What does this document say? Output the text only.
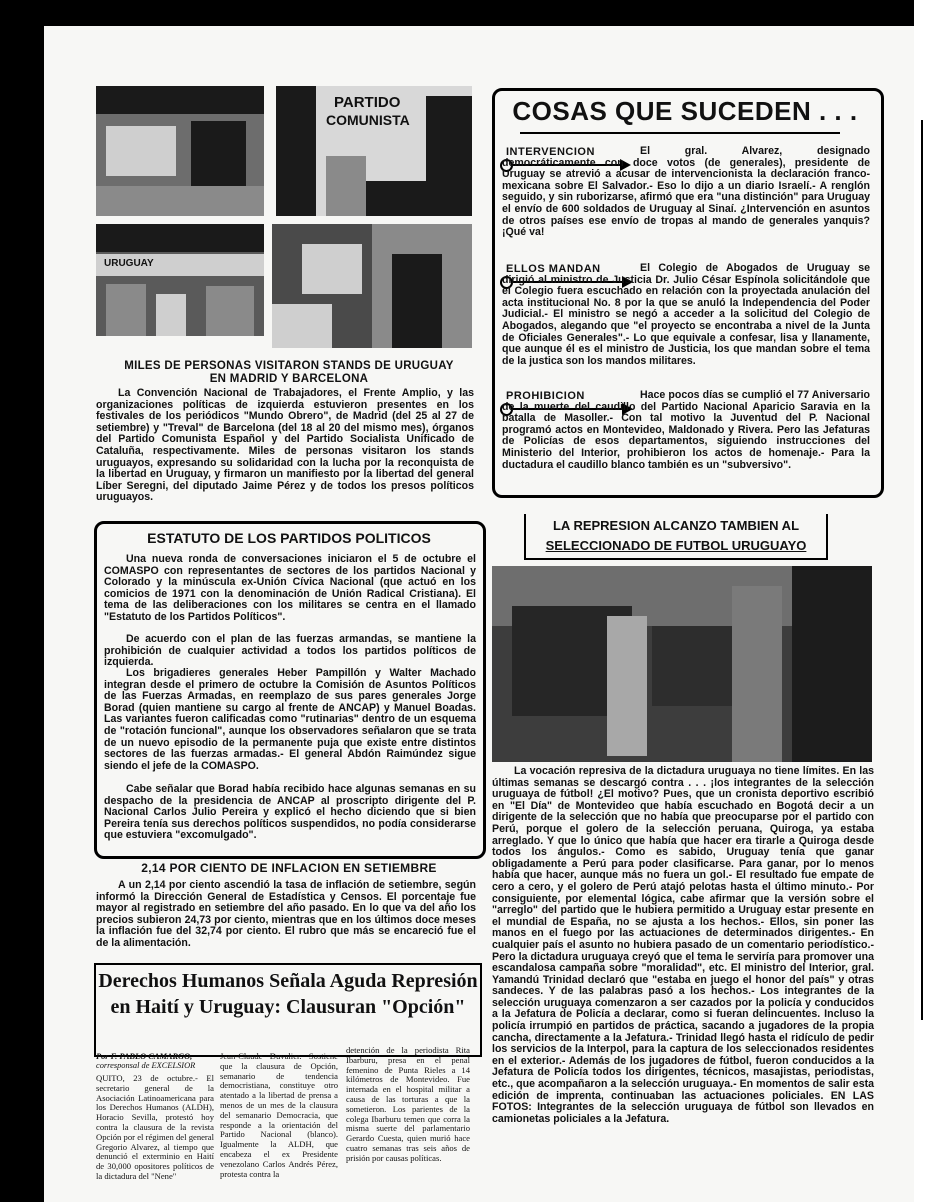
PARTIDO
COMUNISTA
URUGUAY
MILES DE PERSONAS VISITARON STANDS DE URUGUAY EN MADRID Y BARCELONA

La Convención Nacional de Trabajadores, el Frente Amplio, y las organizaciones políticas de izquierda estuvieron presentes en los festivales de los periódicos "Mundo Obrero", de Madrid (del 25 al 27 de setiembre) y "Treval" de Barcelona (del 18 al 20 del mismo mes), órganos del Partido Comunista Español y del Partido Socialista Unificado de Cataluña, respectivamente. Miles de personas visitaron los stands uruguayos, expresando su solidaridad con la lucha por la reconquista de la libertad en Uruguay, y firmaron un manifiesto por la libertad del general Líber Seregni, del diputado Jaime Pérez y de todos los presos políticos uruguayos.

ESTATUTO DE LOS PARTIDOS POLITICOS

Una nueva ronda de conversaciones iniciaron el 5 de octubre el COMASPO con representantes de sectores de los partidos Nacional y Colorado y la minúscula ex-Unión Cívica Nacional (que actuó en los comicios de 1971 con la denominación de Unión Radical Cristiana). El tema de las deliberaciones con los militares se centra en el llamado "Estatuto de los Partidos Políticos".

De acuerdo con el plan de las fuerzas armandas, se mantiene la prohibición de cualquier actividad a todos los partidos políticos de izquierda.

Los brigadieres generales Heber Pampillón y Walter Machado integran desde el primero de octubre la Comisión de Asuntos Políticos de las Fuerzas Armadas, en reemplazo de sus pares generales Jorge Borad (quien mantiene su cargo al frente de ANCAP) y Manuel Boadas. Las variantes fueron calificadas como "rutinarias" dentro de un esquema de "rotación funcional", aunque los observadores señalaron que se trata de un nuevo episodio de la permanente puja que existe entre distintos sectores de las fuerzas armadas.- El general Abdón Raimúndez sigue siendo el jefe de la COMASPO.

Cabe señalar que Borad había recibido hace algunas semanas en su despacho de la presidencia de ANCAP al proscripto dirigente del P. Nacional Carlos Julio Pereira y explicó el hecho diciendo que si bien Pereira tenía sus derechos políticos suspendidos, no podía considerarse que estuviera "excomulgado".

2,14 POR CIENTO DE INFLACION EN SETIEMBRE

A un 2,14 por ciento ascendió la tasa de inflación de setiembre, según informó la Dirección General de Estadística y Censos. El porcentaje fue mayor al registrado en setiembre del año pasado. En lo que va del año los precios subieron 24,73 por ciento, mientras que en los últimos doce meses la inflación fue del 32,74 por ciento. El rubro que más se encareció fue el de la alimentación.

Derechos Humanos Señala Aguda Represión
en Haití y Uruguay: Clausuran "Opción"
Por F. PABLO CAMARGO,
corresponsal de EXCELSIOR

QUITO, 23 de octubre.- El secretario general de la Asociación Latinoamericana para los Derechos Humanos (ALDH), Horacio Sevilla, protestó hoy contra la clausura de la revista Opción por el régimen del general Gregorio Alvarez, al tiempo que denunció el exterminio en Haití de 30,000 opositores políticos de la dictadura del "Nene"

Jean-Claude Duvalier. Sostiene que la clausura de Opción, semanario de tendencia democristiana, constituye otro atentado a la libertad de prensa a menos de un mes de la clausura del semanario Democracia, que responde a la orientación del Partido Nacional (blanco). Igualmente la ALDH, que encabeza el ex Presidente venezolano Carlos Andrés Pérez, protesta contra la

detención de la periodista Rita Ibarburu, presa en el penal femenino de Punta Rieles a 14 kilómetros de Montevideo. Fue internada en el hospital militar a causa de las torturas a que la sometieron. Los parientes de la colega Ibarburu temen que corra la misma suerte del parlamentario Gerardo Cuesta, quien murió hace cuatro semanas tras seis años de prisión por causas políticas.

COSAS QUE SUCEDEN . . .
INTERVENCION	El gral. Alvarez, designado democráticamente con doce votos (de generales), presidente de Uruguay se atrevió a acusar de intervencionista la declaración franco-mexicana sobre El Salvador.- Eso lo dijo a un diario Israelí.- A renglón seguido, y sin ruborizarse, afirmó que era "una distinción" para Uruguay el envío de 600 soldados de Uruguay al Sinaí. ¿Intervención en asuntos de otros países ese envío de tropas al mando de generales yanquis? ¡Qué va!

ELLOS MANDAN	El Colegio de Abogados de Uruguay se dirigió al ministro de Justicia Dr. Julio César Espínola solicitándole que el Colegio fuera escuchado en relación con la proyectada anulación del acta institucional No. 8 por la que se anuló la Independencia del Poder Judicial.- El ministro se negó a acceder a la solicitud del Colegio de Abogados, alegando que "el proyecto se encontraba a nivel de la Junta de Oficiales Generales".- Lo que equivale a confesar, lisa y llanamente, que aunque él es el ministro de Justicia, los que mandan sobre el tema de la justica son los mandos militares.

PROHIBICION	Hace pocos días se cumplió el 77 Aniversario de la muerte del caudillo del Partido Nacional Aparicio Saravia en la batalla de Masoller.- Con tal motivo la Juventud del P. Nacional programó actos en Montevideo, Maldonado y Rivera. Pero las Jefaturas de Policías de esos departamentos, siguiendo instrucciones del Ministerio del Interior, prohibieron los actos de homenaje.- Para la ductadura el caudillo blanco también es un "subversivo".

LA REPRESION ALCANZO TAMBIEN AL
SELECCIONADO DE FUTBOL URUGUAYO

La vocación represiva de la dictadura uruguaya no tiene límites. En las últimas semanas se descargó contra . . . ¡los integrantes de la selección uruguaya de fútbol! ¿El motivo? Pues, que un cronista deportivo escribió en "El Día" de Montevideo que había escuchado en Bogotá decir a un dirigente de la selección que no había que preocuparse por el partido con Perú, porque el golero de la selección peruana, Quiroga, ya estaba arreglado. Y que lo único que había que hacer era tirarle a Quiroga desde todos los ángulos.- Como es sabido, Uruguay tenía que ganar obligadamente a Perú para poder clasificarse. Para ganar, por lo menos había que hacer, aunque más no fuera un gol.- El resultado fue empate de cero a cero, y el golero de Perú atajó pelotas hasta el último minuto.- Por consiguiente, por elemental lógica, cabe afirmar que la versión sobre el "arreglo" del partido que le hubiera permitido a Uruguay estar presente en el mundial de España, no se ajusta a los hechos.- Ellos, sin poner las manos en el fuego por las actuaciones de determinados dirigentes.- En cualquier país el asunto no hubiera pasado de un comentario periodístico.- Pero la dictadura uruguaya creyó que el tema le serviría para promover una escandalosa campaña sobre "moralidad", etc. El ministro del Interior, gral. Yamandú Trinidad declaró que "estaba en juego el honor del país" y otras sandeces. Y de las palabras pasó a los hechos.- Los integrantes de la selección uruguaya comenzaron a ser cazados por la policía y conducidos a la Jefatura de Policía a declarar, como si fueran delincuentes. Incluso la policía irrumpió en partidos de práctica, sacando a jugadores de la propia cancha, directamente a la Jefatura.- Trinidad llegó hasta el ridículo de pedir los servicios de la Interpol, para la captura de los seleccionados residentes en el exterior.- Además de los jugadores de fútbol, fueron conducidos a la Jefatura de Policía todos los dirigentes, técnicos, masajistas, periodistas, etc., que acompañaron a la selección uruguaya.- En momentos de salir esta edición de imprenta, continuaban las actuaciones policiales. EN LAS FOTOS: Integrantes de la selección uruguaya de fútbol son llevados en camionetas policiales a la Jefatura.
